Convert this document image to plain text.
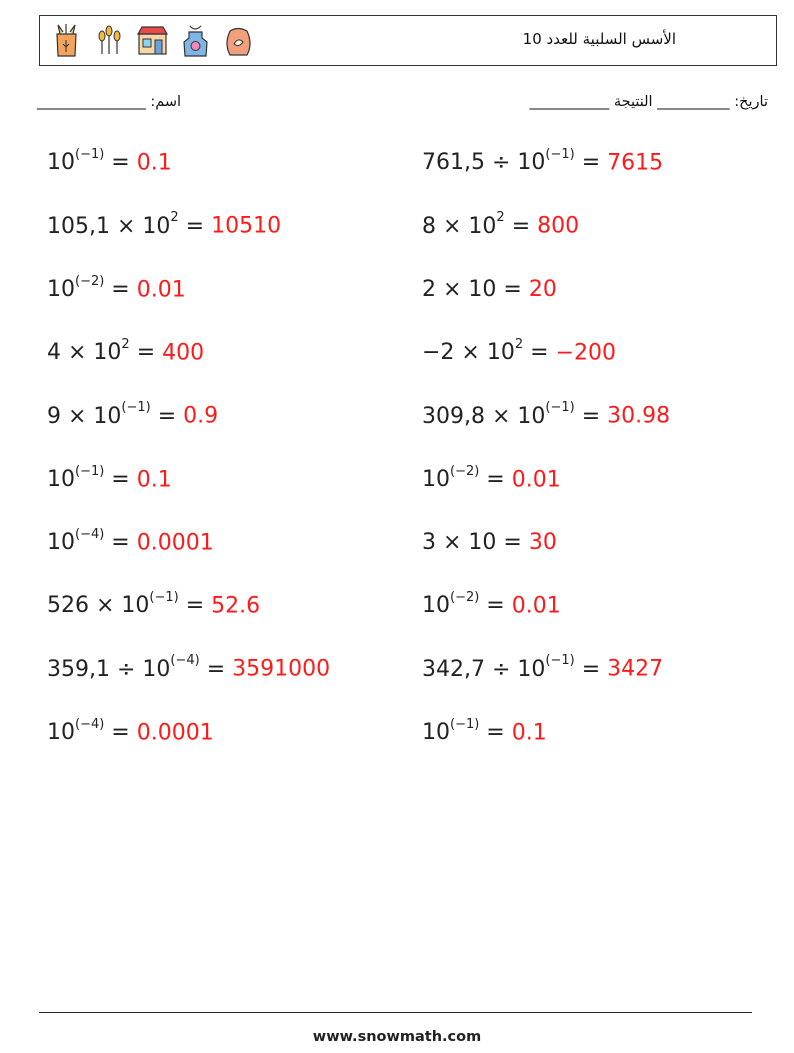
الأسس السلبية للعدد 10
اسم: _______________	تاريخ: __________ النتيجة ___________
$10^{(-1)} = 0.1$	$761,5 \div 10^{(-1)} = 7615$
$105,1 \times 10^2 = 10510$	$8 \times 10^2 = 800$
$10^{(-2)} = 0.01$	2 × 10 = 20
$4 \times 10^2 = 400$	$-2 \times 10^2 = -200$
$9 \times 10^{(-1)} = 0.9$	$309,8 \times 10^{(-1)} = 30.98$
$10^{(-1)} = 0.1$	$10^{(-2)} = 0.01$
$10^{(-4)} = 0.0001$	3 × 10 = 30
$526 \times 10^{(-1)} = 52.6$	$10^{(-2)} = 0.01$
$359,1 \div 10^{(-4)} = 3591000$	$342,7 \div 10^{(-1)} = 3427$
$10^{(-4)} = 0.0001$	$10^{(-1)} = 0.1$
www.snowmath.com
